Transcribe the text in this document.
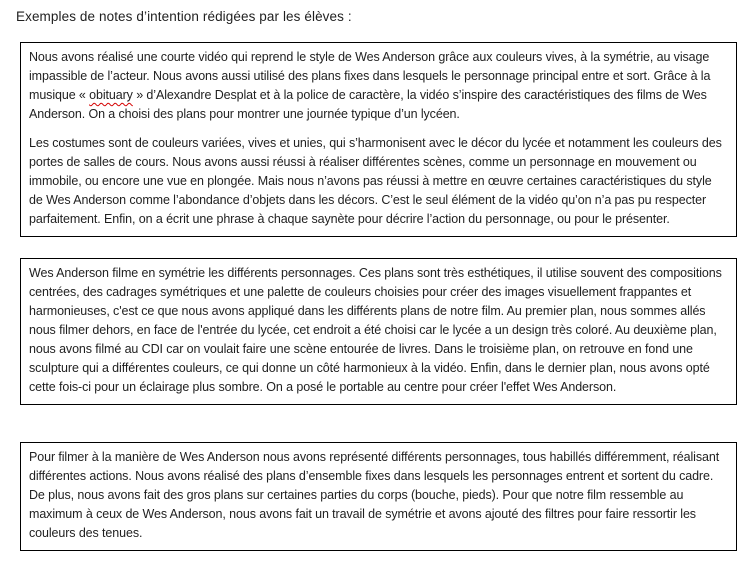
Exemples de notes d’intention rédigées par les élèves :

Nous avons réalisé une courte vidéo qui reprend le style de Wes Anderson grâce aux couleurs vives, à la symétrie, au visage impassible de l’acteur. Nous avons aussi utilisé des plans fixes dans lesquels le personnage principal entre et sort. Grâce à la musique « obituary » d’Alexandre Desplat et à la police de caractère, la vidéo s’inspire des caractéristiques des films de Wes Anderson. On a choisi des plans pour montrer une journée typique d’un lycéen.

Les costumes sont de couleurs variées, vives et unies, qui s’harmonisent avec le décor du lycée et notamment les couleurs des portes de salles de cours. Nous avons aussi réussi à réaliser différentes scènes, comme un personnage en mouvement ou immobile, ou encore une vue en plongée. Mais nous n’avons pas réussi à mettre en œuvre certaines caractéristiques du style de Wes Anderson comme l’abondance d’objets dans les décors. C’est le seul élément de la vidéo qu’on n’a pas pu respecter parfaitement. Enfin, on a écrit une phrase à chaque saynète pour décrire l’action du personnage, ou pour le présenter.

Wes Anderson filme en symétrie les différents personnages. Ces plans sont très esthétiques, il utilise souvent des compositions centrées, des cadrages symétriques et une palette de couleurs choisies pour créer des images visuellement frappantes et harmonieuses, c'est ce que nous avons appliqué dans les différents plans de notre film. Au premier plan, nous sommes allés nous filmer dehors, en face de l'entrée du lycée, cet endroit a été choisi car le lycée a un design très coloré. Au deuxième plan, nous avons filmé au CDI car on voulait faire une scène entourée de livres. Dans le troisième plan, on retrouve en fond une sculpture qui a différentes couleurs, ce qui donne un côté harmonieux à la vidéo. Enfin, dans le dernier plan, nous avons opté cette fois-ci pour un éclairage plus sombre. On a posé le portable au centre pour créer l'effet Wes Anderson.

Pour filmer à la manière de Wes Anderson nous avons représenté différents personnages, tous habillés différemment, réalisant différentes actions. Nous avons réalisé des plans d’ensemble fixes dans lesquels les personnages entrent et sortent du cadre. De plus, nous avons fait des gros plans sur certaines parties du corps (bouche, pieds). Pour que notre film ressemble au maximum à ceux de Wes Anderson, nous avons fait un travail de symétrie et avons ajouté des filtres pour faire ressortir les couleurs des tenues.
